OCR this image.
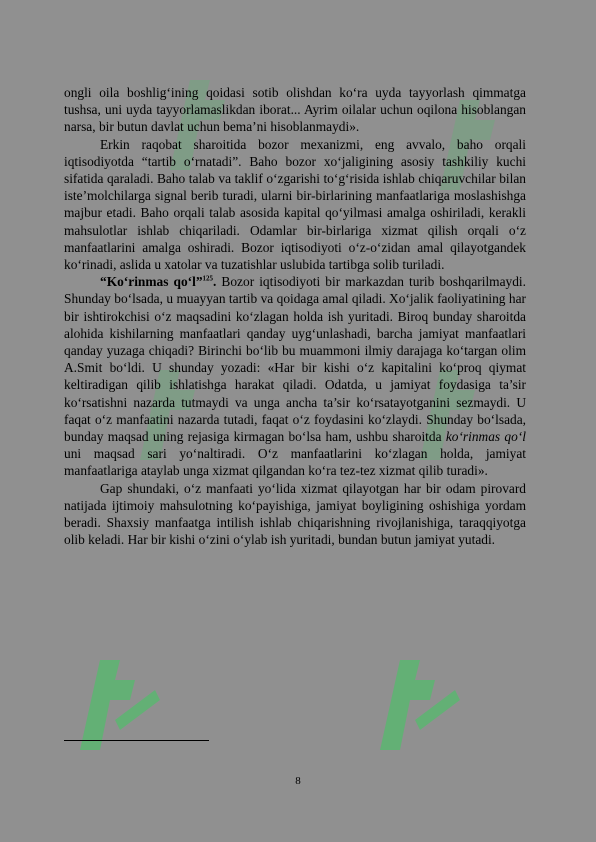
ongli oila boshlig‘ining qoidasi sotib olishdan ko‘ra uyda tayyorlash qimmatga tushsa, uni uyda tayyorlamaslikdan iborat... Ayrim oilalar uchun oqilona hisoblangan narsa, bir butun davlat uchun bema’ni hisoblanmaydi».

Erkin raqobat sharoitida bozor mexanizmi, eng avvalo, baho orqali iqtisodiyotda “tartib o‘rnatadi”. Baho bozor xo‘jaligining asosiy tashkiliy kuchi sifatida qaraladi. Baho talab va taklif o‘zgarishi to‘g‘risida ishlab chiqaruvchilar bilan iste’molchilarga signal berib turadi, ularni bir-birlarining manfaatlariga moslashishga majbur etadi. Baho orqali talab asosida kapital qo‘yilmasi amalga oshiriladi, kerakli mahsulotlar ishlab chiqariladi. Odamlar bir-birlariga xizmat qilish orqali o‘z manfaatlarini amalga oshiradi. Bozor iqtisodiyoti o‘z-o‘zidan amal qilayotgandek ko‘rinadi, aslida u xatolar va tuzatishlar uslubida tartibga solib turiladi.

“Ko‘rinmas qo‘l”$^{125}$. Bozor iqtisodiyoti bir markazdan turib boshqarilmaydi. Shunday bo‘lsada, u muayyan tartib va qoidaga amal qiladi. Xo‘jalik faoliyatining har bir ishtirokchisi o‘z maqsadini ko‘zlagan holda ish yuritadi. Biroq bunday sharoitda alohida kishilarning manfaatlari qanday uyg‘unlashadi, barcha jamiyat manfaatlari qanday yuzaga chiqadi? Birinchi bo‘lib bu muammoni ilmiy darajaga ko‘targan olim A.Smit bo‘ldi. U shunday yozadi: «Har bir kishi o‘z kapitalini ko‘proq qiymat keltiradigan qilib ishlatishga harakat qiladi. Odatda, u jamiyat foydasiga ta’sir ko‘rsatishni nazarda tutmaydi va unga ancha ta’sir ko‘rsatayotganini sezmaydi. U faqat o‘z manfaatini nazarda tutadi, faqat o‘z foydasini ko‘zlaydi. Shunday bo‘lsada, bunday maqsad uning rejasiga kirmagan bo‘lsa ham, ushbu sharoitda ko‘rinmas qo‘l uni maqsad sari yo‘naltiradi. O‘z manfaatlarini ko‘zlagan holda, jamiyat manfaatlariga ataylab unga xizmat qilgandan ko‘ra tez-tez xizmat qilib turadi».

Gap shundaki, o‘z manfaati yo‘lida xizmat qilayotgan har bir odam pirovard natijada ijtimoiy mahsulotning ko‘payishiga, jamiyat boyligining oshishiga yordam beradi. Shaxsiy manfaatga intilish ishlab chiqarishning rivojlanishiga, taraqqiyotga olib keladi. Har bir kishi o‘zini o‘ylab ish yuritadi, bundan butun jamiyat yutadi.

8
